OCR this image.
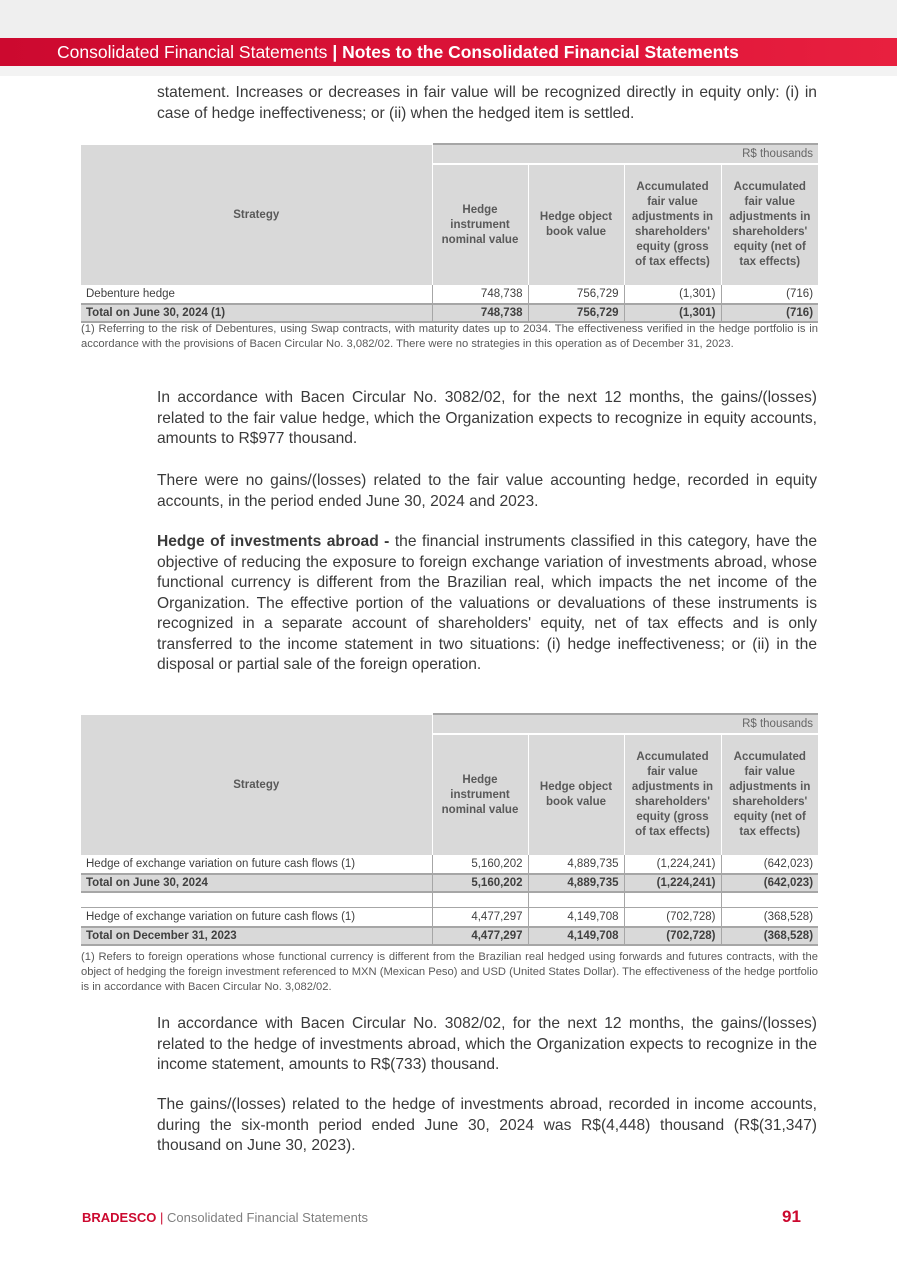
Consolidated Financial Statements | Notes to the Consolidated Financial Statements
statement. Increases or decreases in fair value will be recognized directly in equity only: (i) in case of hedge ineffectiveness; or (ii) when the hedged item is settled.
Strategy	R$ thousands			
	Hedge instrument nominal value	Hedge object book value	Accumulated fair value adjustments in shareholders' equity (gross of tax effects)	Accumulated fair value adjustments in shareholders' equity (net of tax effects)
Debenture hedge	748,738	756,729	(1,301)	(716)
Total on June 30, 2024 (1)	748,738	756,729	(1,301)	(716)
(1) Referring to the risk of Debentures, using Swap contracts, with maturity dates up to 2034. The effectiveness verified in the hedge portfolio is in accordance with the provisions of Bacen Circular No. 3,082/02. There were no strategies in this operation as of December 31, 2023.
In accordance with Bacen Circular No. 3082/02, for the next 12 months, the gains/(losses) related to the fair value hedge, which the Organization expects to recognize in equity accounts, amounts to R$977 thousand.
There were no gains/(losses) related to the fair value accounting hedge, recorded in equity accounts, in the period ended June 30, 2024 and 2023.
Hedge of investments abroad - the financial instruments classified in this category, have the objective of reducing the exposure to foreign exchange variation of investments abroad, whose functional currency is different from the Brazilian real, which impacts the net income of the Organization. The effective portion of the valuations or devaluations of these instruments is recognized in a separate account of shareholders' equity, net of tax effects and is only transferred to the income statement in two situations: (i) hedge ineffectiveness; or (ii) in the disposal or partial sale of the foreign operation.
Strategy	R$ thousands			
	Hedge instrument nominal value	Hedge object book value	Accumulated fair value adjustments in shareholders' equity (gross of tax effects)	Accumulated fair value adjustments in shareholders' equity (net of tax effects)
Hedge of exchange variation on future cash flows (1)	5,160,202	4,889,735	(1,224,241)	(642,023)
Total on June 30, 2024	5,160,202	4,889,735	(1,224,241)	(642,023)

Hedge of exchange variation on future cash flows (1)	4,477,297	4,149,708	(702,728)	(368,528)
Total on December 31, 2023	4,477,297	4,149,708	(702,728)	(368,528)
(1) Refers to foreign operations whose functional currency is different from the Brazilian real hedged using forwards and futures contracts, with the object of hedging the foreign investment referenced to MXN (Mexican Peso) and USD (United States Dollar). The effectiveness of the hedge portfolio is in accordance with Bacen Circular No. 3,082/02.
In accordance with Bacen Circular No. 3082/02, for the next 12 months, the gains/(losses) related to the hedge of investments abroad, which the Organization expects to recognize in the income statement, amounts to R$(733) thousand.
The gains/(losses) related to the hedge of investments abroad, recorded in income accounts, during the six-month period ended June 30, 2024 was R$(4,448) thousand (R$(31,347) thousand on June 30, 2023).
BRADESCO | Consolidated Financial Statements	91
